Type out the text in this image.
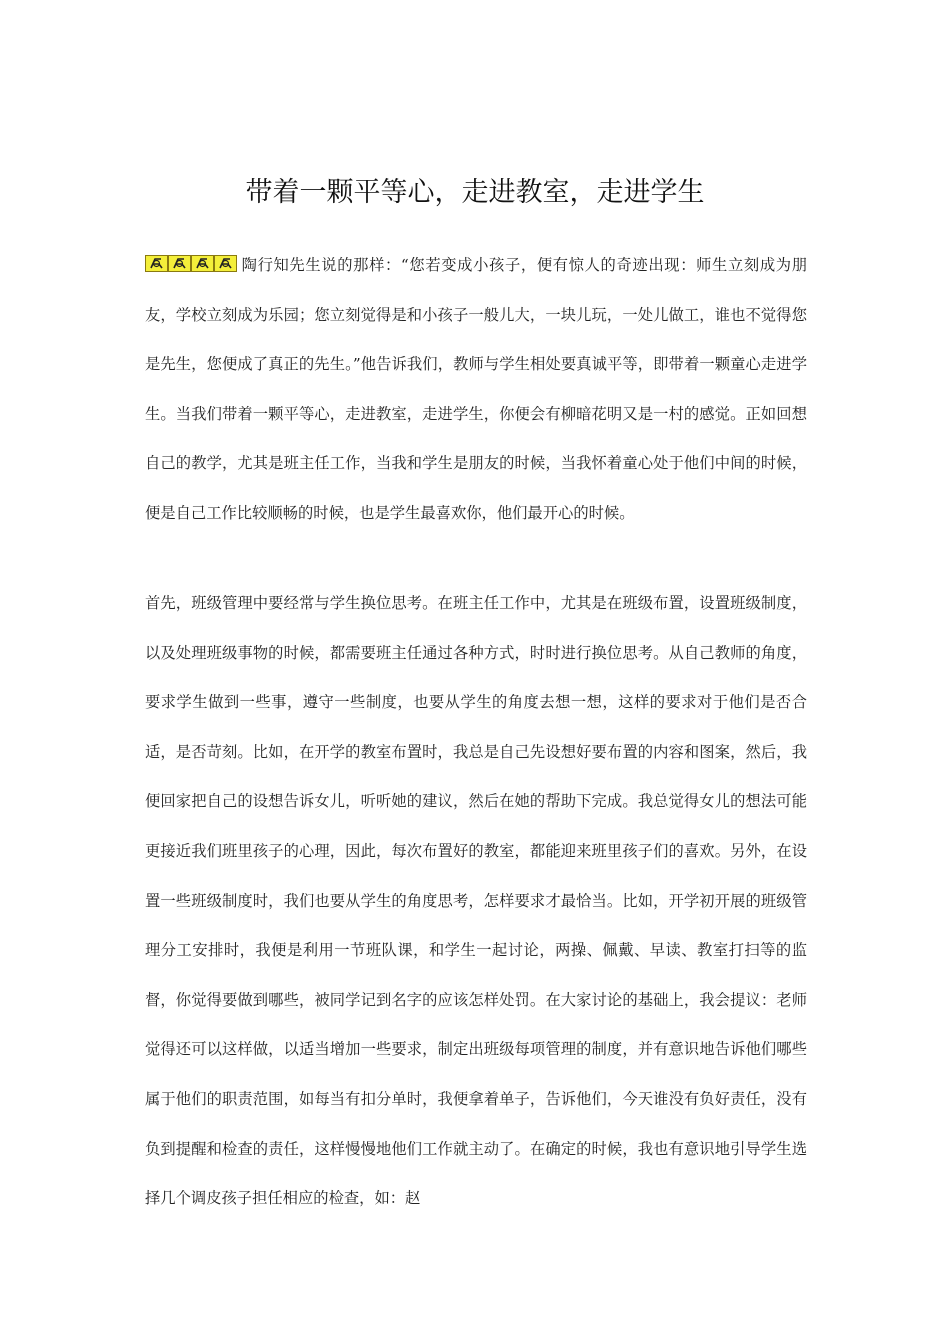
带着一颗平等心，走进教室，走进学生

陶行知先生说的那样：“您若变成小孩子，便有惊人的奇迹出现：师生立刻成为朋友，学校立刻成为乐园；您立刻觉得是和小孩子一般儿大，一块儿玩，一处儿做工，谁也不觉得您是先生，您便成了真正的先生。”他告诉我们，教师与学生相处要真诚平等，即带着一颗童心走进学生。当我们带着一颗平等心，走进教室，走进学生，你便会有柳暗花明又是一村的感觉。正如回想自己的教学，尤其是班主任工作，当我和学生是朋友的时候，当我怀着童心处于他们中间的时候，便是自己工作比较顺畅的时候，也是学生最喜欢你，他们最开心的时候。

首先，班级管理中要经常与学生换位思考。在班主任工作中，尤其是在班级布置，设置班级制度，以及处理班级事物的时候，都需要班主任通过各种方式，时时进行换位思考。从自己教师的角度，要求学生做到一些事，遵守一些制度，也要从学生的角度去想一想，这样的要求对于他们是否合适，是否苛刻。比如，在开学的教室布置时，我总是自己先设想好要布置的内容和图案，然后，我便回家把自己的设想告诉女儿，听听她的建议，然后在她的帮助下完成。我总觉得女儿的想法可能更接近我们班里孩子的心理，因此，每次布置好的教室，都能迎来班里孩子们的喜欢。另外，在设置一些班级制度时，我们也要从学生的角度思考，怎样要求才最恰当。比如，开学初开展的班级管理分工安排时，我便是利用一节班队课，和学生一起讨论，两操、佩戴、早读、教室打扫等的监督，你觉得要做到哪些，被同学记到名字的应该怎样处罚。在大家讨论的基础上，我会提议：老师觉得还可以这样做，以适当增加一些要求，制定出班级每项管理的制度，并有意识地告诉他们哪些属于他们的职责范围，如每当有扣分单时，我便拿着单子，告诉他们，今天谁没有负好责任，没有负到提醒和检查的责任，这样慢慢地他们工作就主动了。在确定的时候，我也有意识地引导学生选择几个调皮孩子担任相应的检查，如：赵
